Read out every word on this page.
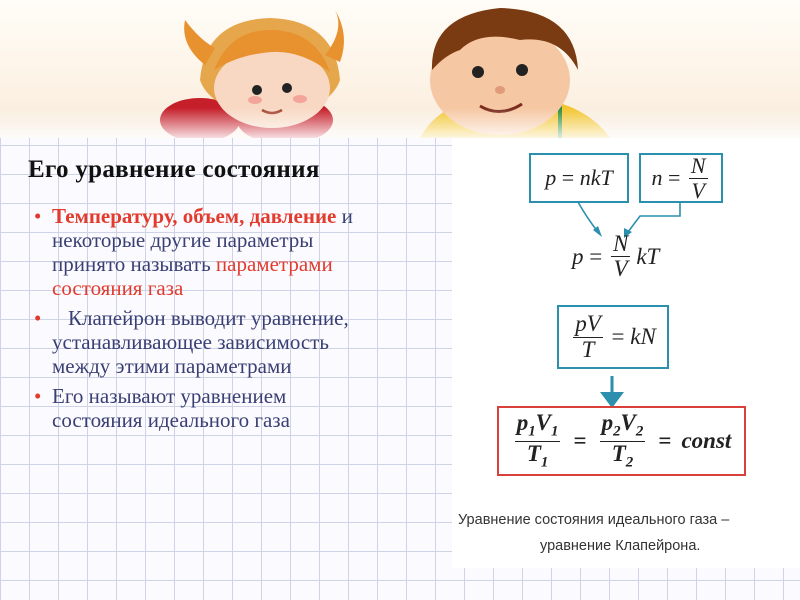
Его уравнение состояния
• Температуру, объем, давление и некоторые другие параметры принято называть параметрами состояния газа
• Клапейрон выводит уравнение, устанавливающее зависимость между этими параметрами
• Его называют уравнением состояния идеального газа
p = nkT $n = \frac{N}{V}$
$p = \frac{N}{V}$ kT
$\frac{pV}{T}$ = kN
$\frac{p_1V_1}{T_1} = \frac{p_2V_2}{T_2}$ = const
Уравнение состояния идеального газа –
уравнение Клапейрона.
